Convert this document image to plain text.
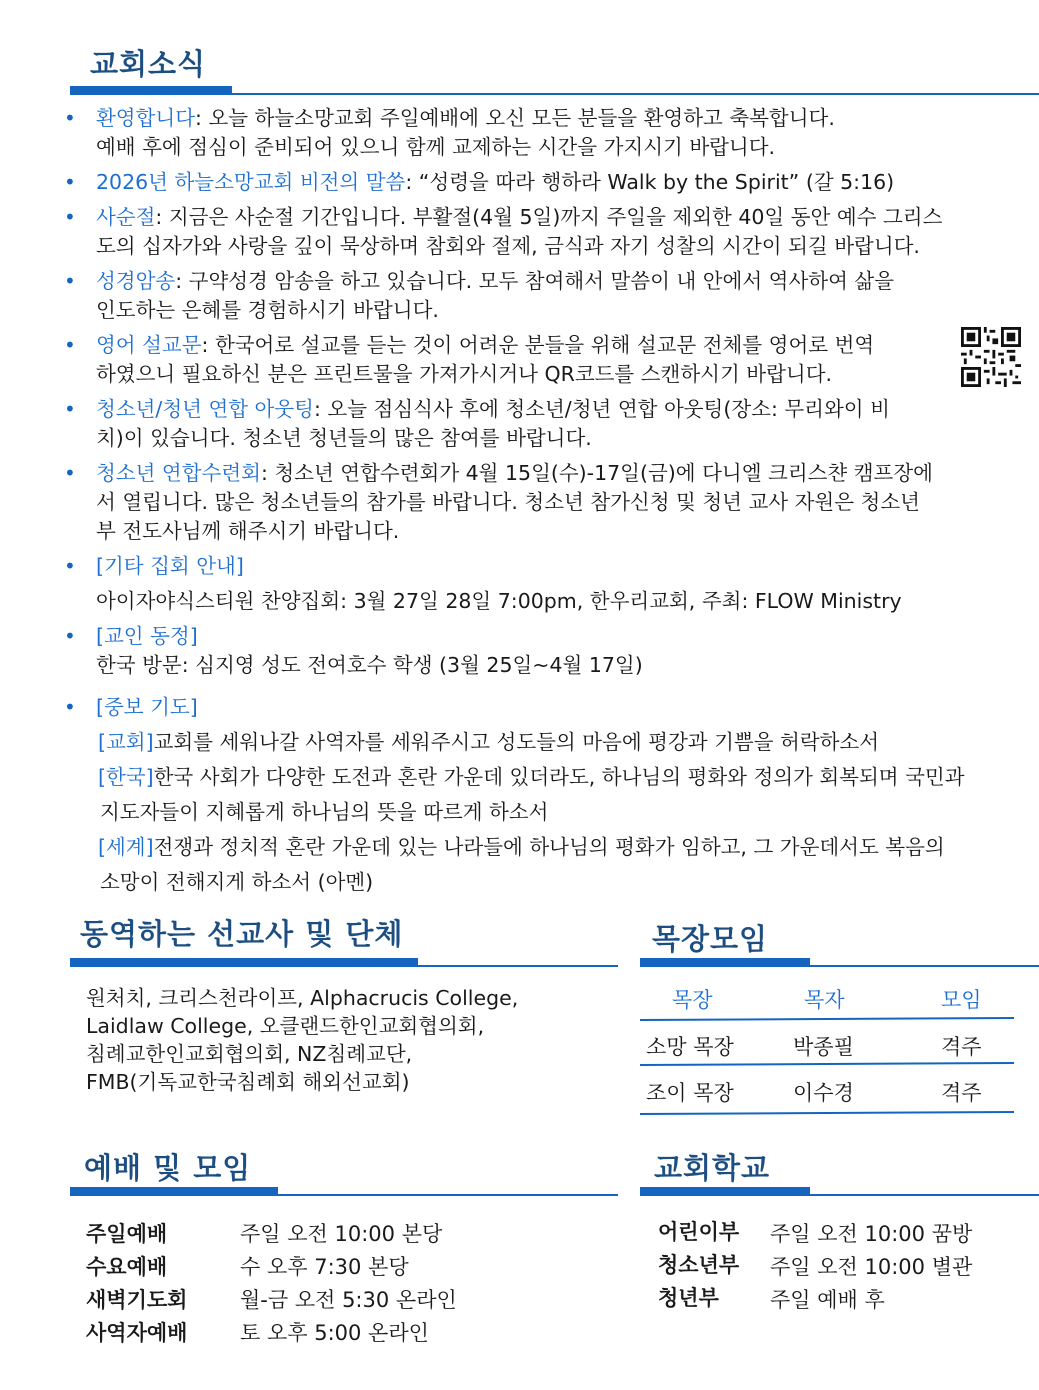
교회소식
• 환영합니다: 오늘 하늘소망교회 주일예배에 오신 모든 분들을 환영하고 축복합니다.
예배 후에 점심이 준비되어 있으니 함께 교제하는 시간을 가지시기 바랍니다.
• 2026년 하늘소망교회 비전의 말씀: “성령을 따라 행하라 Walk by the Spirit” (갈 5:16)
• 사순절: 지금은 사순절 기간입니다. 부활절(4월 5일)까지 주일을 제외한 40일 동안 예수 그리스
도의 십자가와 사랑을 깊이 묵상하며 참회와 절제, 금식과 자기 성찰의 시간이 되길 바랍니다.
• 성경암송: 구약성경 암송을 하고 있습니다. 모두 참여해서 말씀이 내 안에서 역사하여 삶을
인도하는 은혜를 경험하시기 바랍니다.
• 영어 설교문: 한국어로 설교를 듣는 것이 어려운 분들을 위해 설교문 전체를 영어로 번역
하였으니 필요하신 분은 프린트물을 가져가시거나 QR코드를 스캔하시기 바랍니다.
• 청소년/청년 연합 아웃팅: 오늘 점심식사 후에 청소년/청년 연합 아웃팅(장소: 무리와이 비
치)이 있습니다. 청소년 청년들의 많은 참여를 바랍니다.
• 청소년 연합수련회: 청소년 연합수련회가 4월 15일(수)-17일(금)에 다니엘 크리스챤 캠프장에
서 열립니다. 많은 청소년들의 참가를 바랍니다. 청소년 참가신청 및 청년 교사 자원은 청소년
부 전도사님께 해주시기 바랍니다.
• [기타 집회 안내]
아이자야식스티원 찬양집회: 3월 27일 28일 7:00pm, 한우리교회, 주최: FLOW Ministry
• [교인 동정]
한국 방문: 심지영 성도 전여호수 학생 (3월 25일~4월 17일)
• [중보 기도]
[교회]교회를 세워나갈 사역자를 세워주시고 성도들의 마음에 평강과 기쁨을 허락하소서
[한국]한국 사회가 다양한 도전과 혼란 가운데 있더라도, 하나님의 평화와 정의가 회복되며 국민과
지도자들이 지혜롭게 하나님의 뜻을 따르게 하소서
[세계]전쟁과 정치적 혼란 가운데 있는 나라들에 하나님의 평화가 임하고, 그 가운데서도 복음의
소망이 전해지게 하소서 (아멘)
동역하는 선교사 및 단체
원처치, 크리스천라이프, Alphacrucis College,
Laidlaw College, 오클랜드한인교회협의회,
침례교한인교회협의회, NZ침례교단,
FMB(기독교한국침례회 해외선교회)
목장모임
목장	목자	모임
소망 목장	박종필	격주
조이 목장	이수경	격주
예배 및 모임
주일예배	주일 오전 10:00 본당
수요예배	수 오후 7:30 본당
새벽기도회	월-금 오전 5:30 온라인
사역자예배	토 오후 5:00 온라인
교회학교
어린이부 주일 오전 10:00 꿈방
청소년부 주일 오전 10:00 별관
청년부 주일 예배 후
